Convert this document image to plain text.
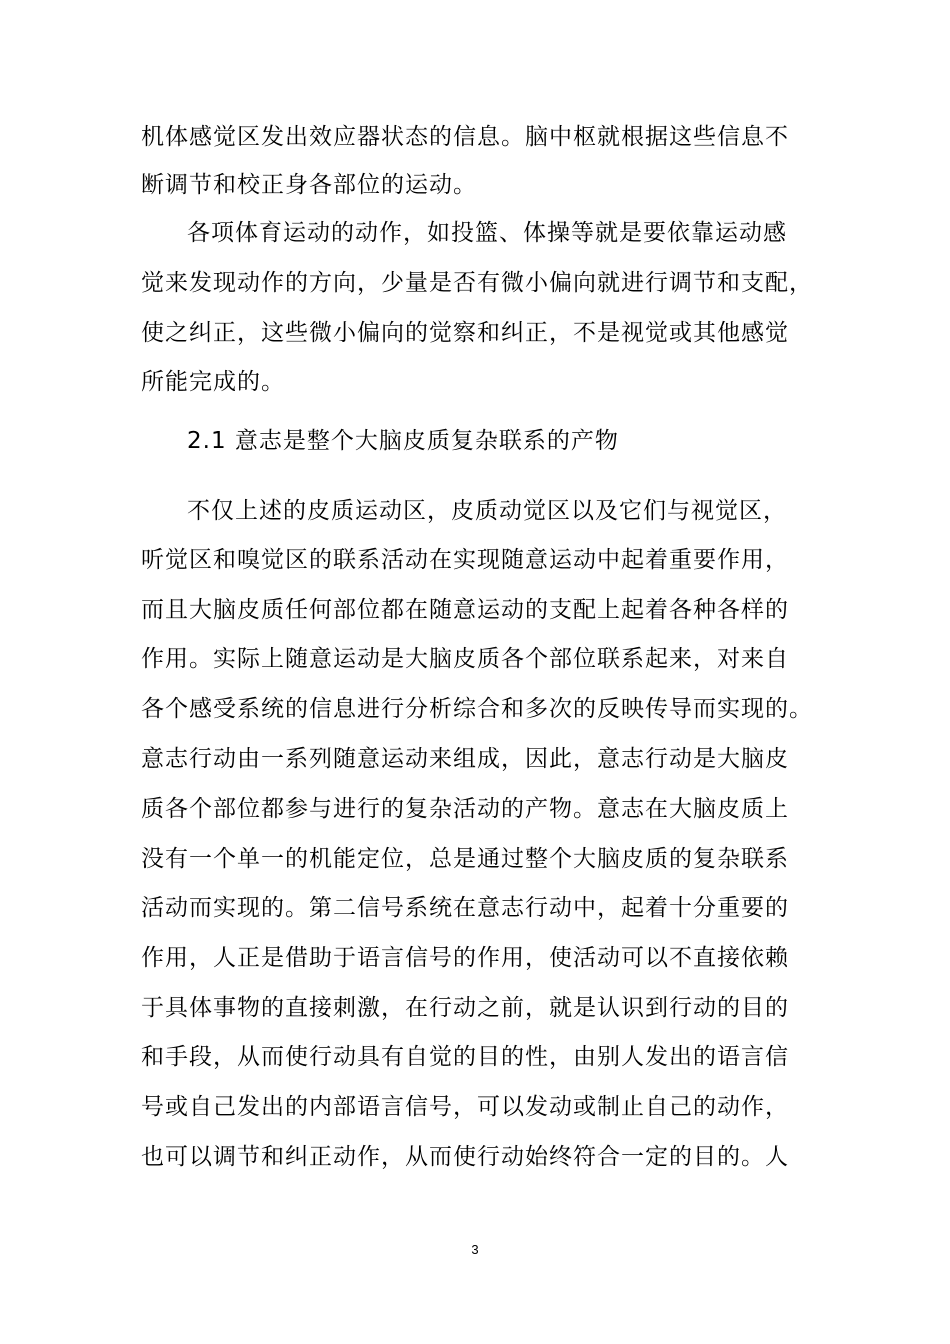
机体感觉区发出效应器状态的信息。脑中枢就根据这些信息不
断调节和校正身各部位的运动。
各项体育运动的动作，如投篮、体操等就是要依靠运动感
觉来发现动作的方向，少量是否有微小偏向就进行调节和支配，
使之纠正，这些微小偏向的觉察和纠正，不是视觉或其他感觉
所能完成的。
2.1 意志是整个大脑皮质复杂联系的产物
不仅上述的皮质运动区，皮质动觉区以及它们与视觉区，
听觉区和嗅觉区的联系活动在实现随意运动中起着重要作用，
而且大脑皮质任何部位都在随意运动的支配上起着各种各样的
作用。实际上随意运动是大脑皮质各个部位联系起来，对来自
各个感受系统的信息进行分析综合和多次的反映传导而实现的。
意志行动由一系列随意运动来组成，因此，意志行动是大脑皮
质各个部位都参与进行的复杂活动的产物。意志在大脑皮质上
没有一个单一的机能定位，总是通过整个大脑皮质的复杂联系
活动而实现的。第二信号系统在意志行动中，起着十分重要的
作用，人正是借助于语言信号的作用，使活动可以不直接依赖
于具体事物的直接刺激，在行动之前，就是认识到行动的目的
和手段，从而使行动具有自觉的目的性，由别人发出的语言信
号或自己发出的内部语言信号，可以发动或制止自己的动作，
也可以调节和纠正动作，从而使行动始终符合一定的目的。人
3
